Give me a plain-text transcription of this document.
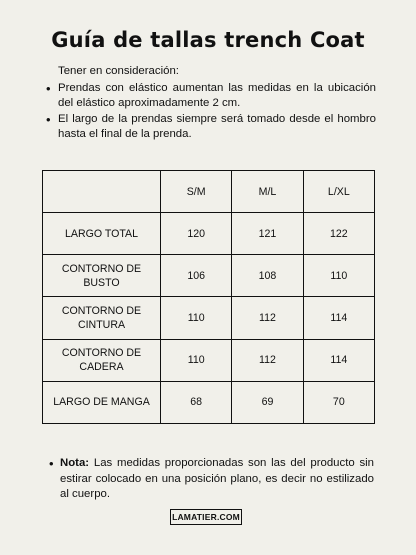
Guía de tallas trench Coat

Tener en consideración:

• Prendas con elástico aumentan las medidas en la ubicación del elástico aproximadamente 2 cm.
• El largo de la prendas siempre será tomado desde el hombro hasta el final de la prenda.
	S/M	M/L	L/XL
LARGO TOTAL	120	121	122
CONTORNO DE BUSTO	106	108	110
CONTORNO DE CINTURA	110	112	114
CONTORNO DE CADERA	110	112	114
LARGO DE MANGA	68	69	70
• Nota: Las medidas proporcionadas son las del producto sin estirar colocado en una posición plano, es decir no estilizado al cuerpo.
LAMATIER.COM
